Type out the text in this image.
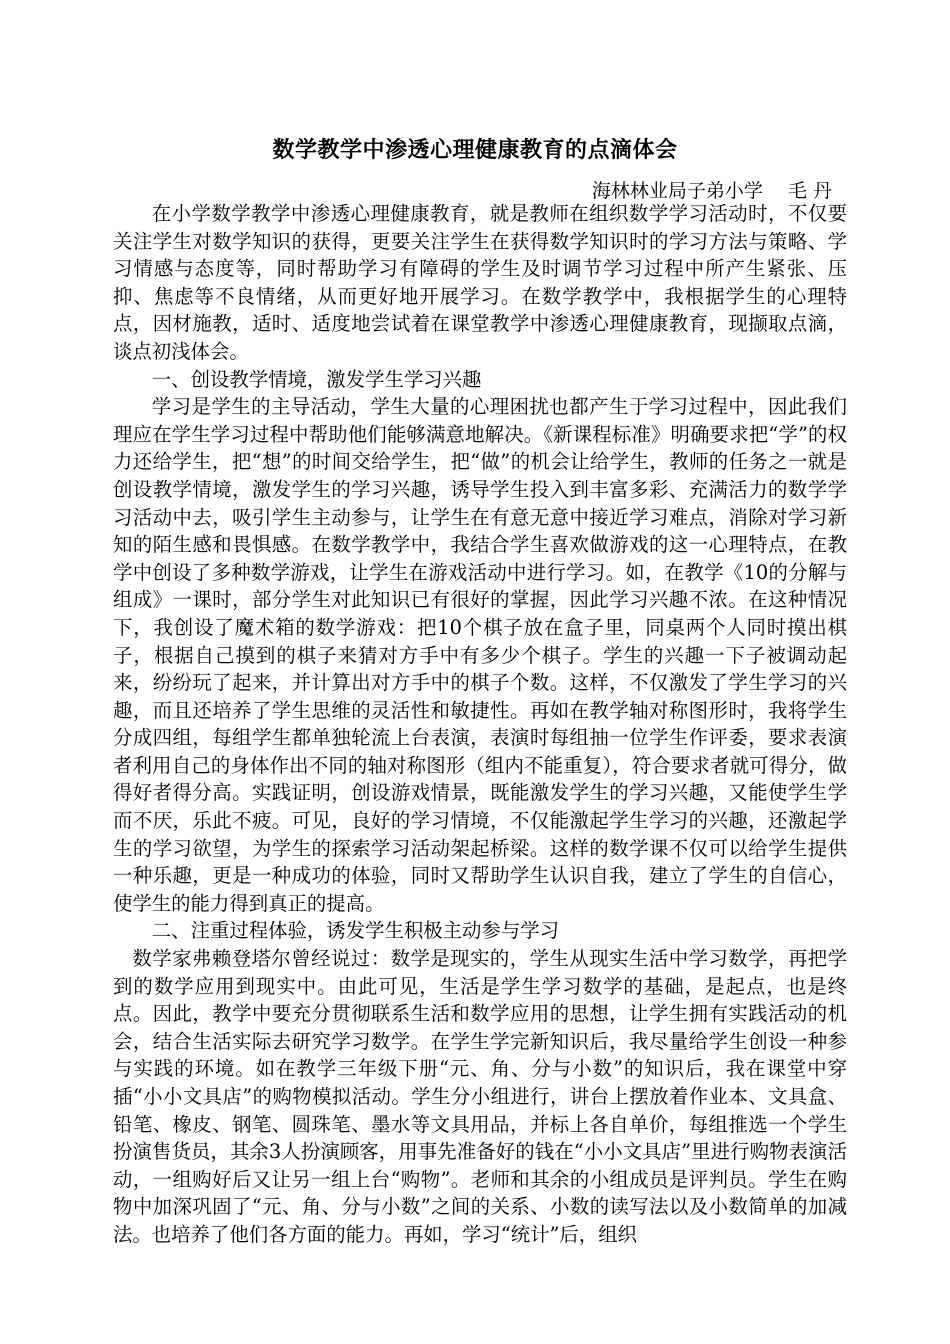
数学教学中渗透心理健康教育的点滴体会
海林林业局子弟小学　 毛 丹

在小学数学教学中渗透心理健康教育，就是教师在组织数学学习活动时，不仅要关注学生对数学知识的获得，更要关注学生在获得数学知识时的学习方法与策略、学习情感与态度等，同时帮助学习有障碍的学生及时调节学习过程中所产生紧张、压抑、焦虑等不良情绪，从而更好地开展学习。在数学教学中，我根据学生的心理特点，因材施教，适时、适度地尝试着在课堂教学中渗透心理健康教育，现撷取点滴，谈点初浅体会。

一、创设教学情境，激发学生学习兴趣

学习是学生的主导活动，学生大量的心理困扰也都产生于学习过程中，因此我们理应在学生学习过程中帮助他们能够满意地解决。《新课程标准》明确要求把“学”的权力还给学生，把“想”的时间交给学生，把“做”的机会让给学生，教师的任务之一就是创设教学情境，激发学生的学习兴趣，诱导学生投入到丰富多彩、充满活力的数学学习活动中去，吸引学生主动参与，让学生在有意无意中接近学习难点，消除对学习新知的陌生感和畏惧感。在数学教学中，我结合学生喜欢做游戏的这一心理特点，在教学中创设了多种数学游戏，让学生在游戏活动中进行学习。如，在教学《10的分解与组成》一课时，部分学生对此知识已有很好的掌握，因此学习兴趣不浓。在这种情况下，我创设了魔术箱的数学游戏：把10个棋子放在盒子里，同桌两个人同时摸出棋子，根据自己摸到的棋子来猜对方手中有多少个棋子。学生的兴趣一下子被调动起来，纷纷玩了起来，并计算出对方手中的棋子个数。这样，不仅激发了学生学习的兴趣，而且还培养了学生思维的灵活性和敏捷性。再如在教学轴对称图形时，我将学生分成四组，每组学生都单独轮流上台表演，表演时每组抽一位学生作评委，要求表演者利用自己的身体作出不同的轴对称图形（组内不能重复），符合要求者就可得分，做得好者得分高。实践证明，创设游戏情景，既能激发学生的学习兴趣，又能使学生学而不厌，乐此不疲。可见，良好的学习情境，不仅能激起学生学习的兴趣，还激起学生的学习欲望，为学生的探索学习活动架起桥梁。这样的数学课不仅可以给学生提供一种乐趣，更是一种成功的体验，同时又帮助学生认识自我，建立了学生的自信心，使学生的能力得到真正的提高。

二、注重过程体验，诱发学生积极主动参与学习

数学家弗赖登塔尔曾经说过：数学是现实的，学生从现实生活中学习数学，再把学到的数学应用到现实中。由此可见，生活是学生学习数学的基础，是起点，也是终点。因此，教学中要充分贯彻联系生活和数学应用的思想，让学生拥有实践活动的机会，结合生活实际去研究学习数学。在学生学完新知识后，我尽量给学生创设一种参与实践的环境。如在教学三年级下册“元、角、分与小数”的知识后，我在课堂中穿插“小小文具店”的购物模拟活动。学生分小组进行，讲台上摆放着作业本、文具盒、铅笔、橡皮、钢笔、圆珠笔、墨水等文具用品，并标上各自单价，每组推选一个学生扮演售货员，其余3人扮演顾客，用事先准备好的钱在“小小文具店”里进行购物表演活动，一组购好后又让另一组上台“购物”。老师和其余的小组成员是评判员。学生在购物中加深巩固了“元、角、分与小数”之间的关系、小数的读写法以及小数简单的加减法。也培养了他们各方面的能力。再如，学习“统计”后，组织
